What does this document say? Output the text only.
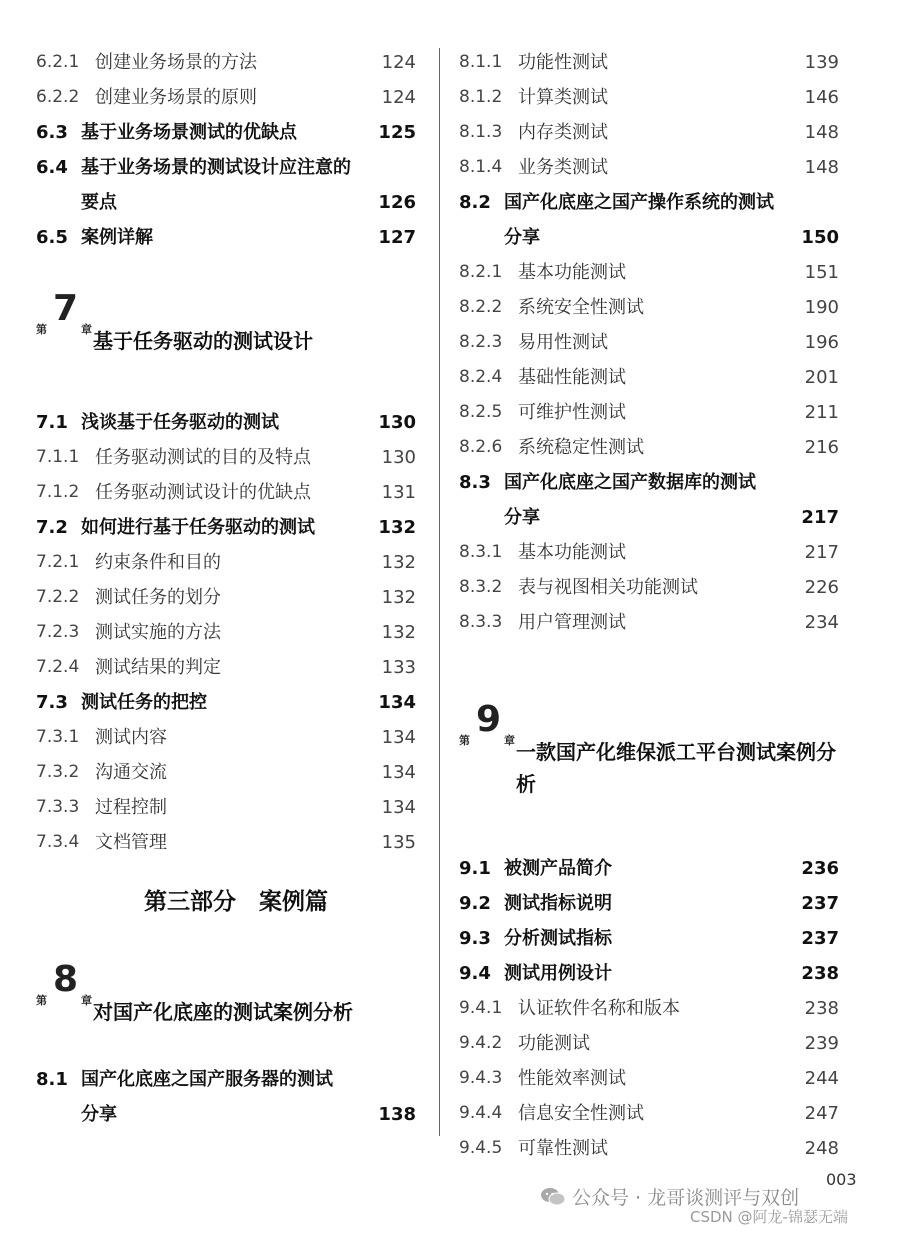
6.2.1 创建业务场景的方法	124
6.2.2 创建业务场景的原则	124
6.3 基于业务场景测试的优缺点	125
6.4 基于业务场景的测试设计应注意的
要点	126
6.5 案例详解	127
第
7
章 基于任务驱动的测试设计
7.1 浅谈基于任务驱动的测试	130
7.1.1 任务驱动测试的目的及特点	130
7.1.2 任务驱动测试设计的优缺点	131
7.2 如何进行基于任务驱动的测试	132
7.2.1 约束条件和目的	132
7.2.2 测试任务的划分	132
7.2.3 测试实施的方法	132
7.2.4 测试结果的判定	133
7.3 测试任务的把控	134
7.3.1 测试内容	134
7.3.2 沟通交流	134
7.3.3 过程控制	134
7.3.4 文档管理	135
第三部分　案例篇
第
8
章 对国产化底座的测试案例分析
8.1 国产化底座之国产服务器的测试
分享	138
8.1.1 功能性测试	139
8.1.2 计算类测试	146
8.1.3 内存类测试	148
8.1.4 业务类测试	148
8.2 国产化底座之国产操作系统的测试
分享	150
8.2.1 基本功能测试	151
8.2.2 系统安全性测试	190
8.2.3 易用性测试	196
8.2.4 基础性能测试	201
8.2.5 可维护性测试	211
8.2.6 系统稳定性测试	216
8.3 国产化底座之国产数据库的测试
分享	217
8.3.1 基本功能测试	217
8.3.2 表与视图相关功能测试	226
8.3.3 用户管理测试	234
第
9
章 一款国产化维保派工平台测试案例分析
9.1 被测产品简介	236
9.2 测试指标说明	237
9.3 分析测试指标	237
9.4 测试用例设计	238
9.4.1 认证软件名称和版本	238
9.4.2 功能测试	239
9.4.3 性能效率测试	244
9.4.4 信息安全性测试	247
9.4.5 可靠性测试	248
003
公众号 · 龙哥谈测评与双创
CSDN @阿龙-锦瑟无端
